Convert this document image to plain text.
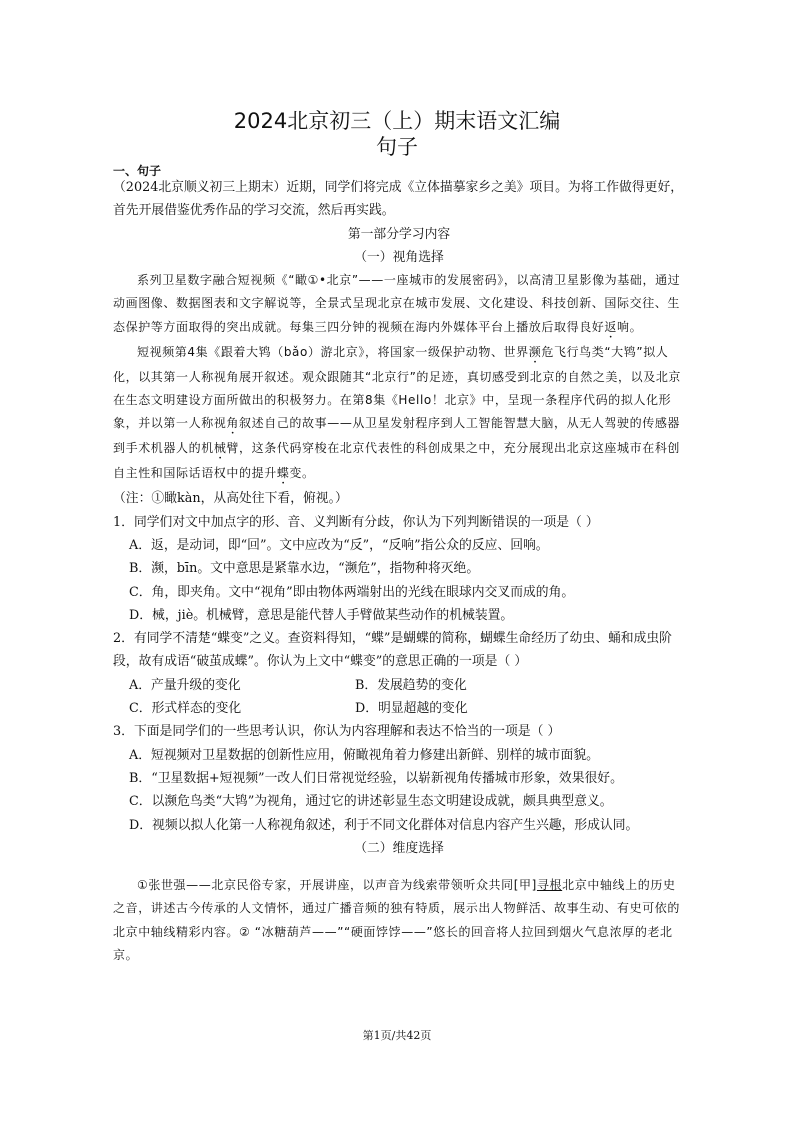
2024北京初三（上）期末语文汇编
句子
一、句子

（2024北京顺义初三上期末）近期，同学们将完成《立体描摹家乡之美》项目。为将工作做得更好，首先开展借鉴优秀作品的学习交流，然后再实践。

第一部分学习内容

（一）视角选择

系列卫星数字融合短视频《“瞰①•北京”——一座城市的发展密码》，以高清卫星影像为基础，通过动画图像、数据图表和文字解说等，全景式呈现北京在城市发展、文化建设、科技创新、国际交往、生态保护等方面取得的突出成就。每集三四分钟的视频在海内外媒体平台上播放后取得良好返响。

短视频第4集《跟着大鸨（bǎo）游北京》，将国家一级保护动物、世界濒危飞行鸟类“大鸨”拟人化，以其第一人称视角展开叙述。观众跟随其“北京行”的足迹，真切感受到北京的自然之美，以及北京在生态文明建设方面所做出的积极努力。在第8集《Hello！北京》中，呈现一条程序代码的拟人化形象，并以第一人称视角叙述自己的故事——从卫星发射程序到人工智能智慧大脑，从无人驾驶的传感器到手术机器人的机械臂，这条代码穿梭在北京代表性的科创成果之中，充分展现出北京这座城市在科创自主性和国际话语权中的提升蝶变。

（注：①瞰kàn，从高处往下看，俯视。）

1．同学们对文中加点字的形、音、义判断有分歧，你认为下列判断错误的一项是（ ）

A．返，是动词，即“回”。文中应改为“反”，“反响”指公众的反应、回响。

B．濒，bīn。文中意思是紧靠水边，“濒危”，指物种将灭绝。

C．角，即夹角。文中“视角”即由物体两端射出的光线在眼球内交叉而成的角。

D．械，jiè。机械臂，意思是能代替人手臂做某些动作的机械装置。

2．有同学不清楚“蝶变”之义。查资料得知，“蝶”是蝴蝶的简称，蝴蝶生命经历了幼虫、蛹和成虫阶段，故有成语“破茧成蝶”。你认为上文中“蝶变”的意思正确的一项是（ ）

A．产量升级的变化	B．发展趋势的变化
C．形式样态的变化	D．明显超越的变化

3．下面是同学们的一些思考认识，你认为内容理解和表达不恰当的一项是（ ）

A．短视频对卫星数据的创新性应用，俯瞰视角着力修建出新鲜、别样的城市面貌。

B．“卫星数据+短视频”一改人们日常视觉经验，以崭新视角传播城市形象，效果很好。

C．以濒危鸟类“大鸨”为视角，通过它的讲述彰显生态文明建设成就，颇具典型意义。

D．视频以拟人化第一人称视角叙述，利于不同文化群体对信息内容产生兴趣，形成认同。

（二）维度选择

①张世强——北京民俗专家，开展讲座，以声音为线索带领听众共同[甲]寻根北京中轴线上的历史之音，讲述古今传承的人文情怀，通过广播音频的独有特质，展示出人物鲜活、故事生动、有史可依的北京中轴线精彩内容。② “冰糖葫芦——”“硬面饽饽——”悠长的回音将人拉回到烟火气息浓厚的老北京。

第1页/共42页
